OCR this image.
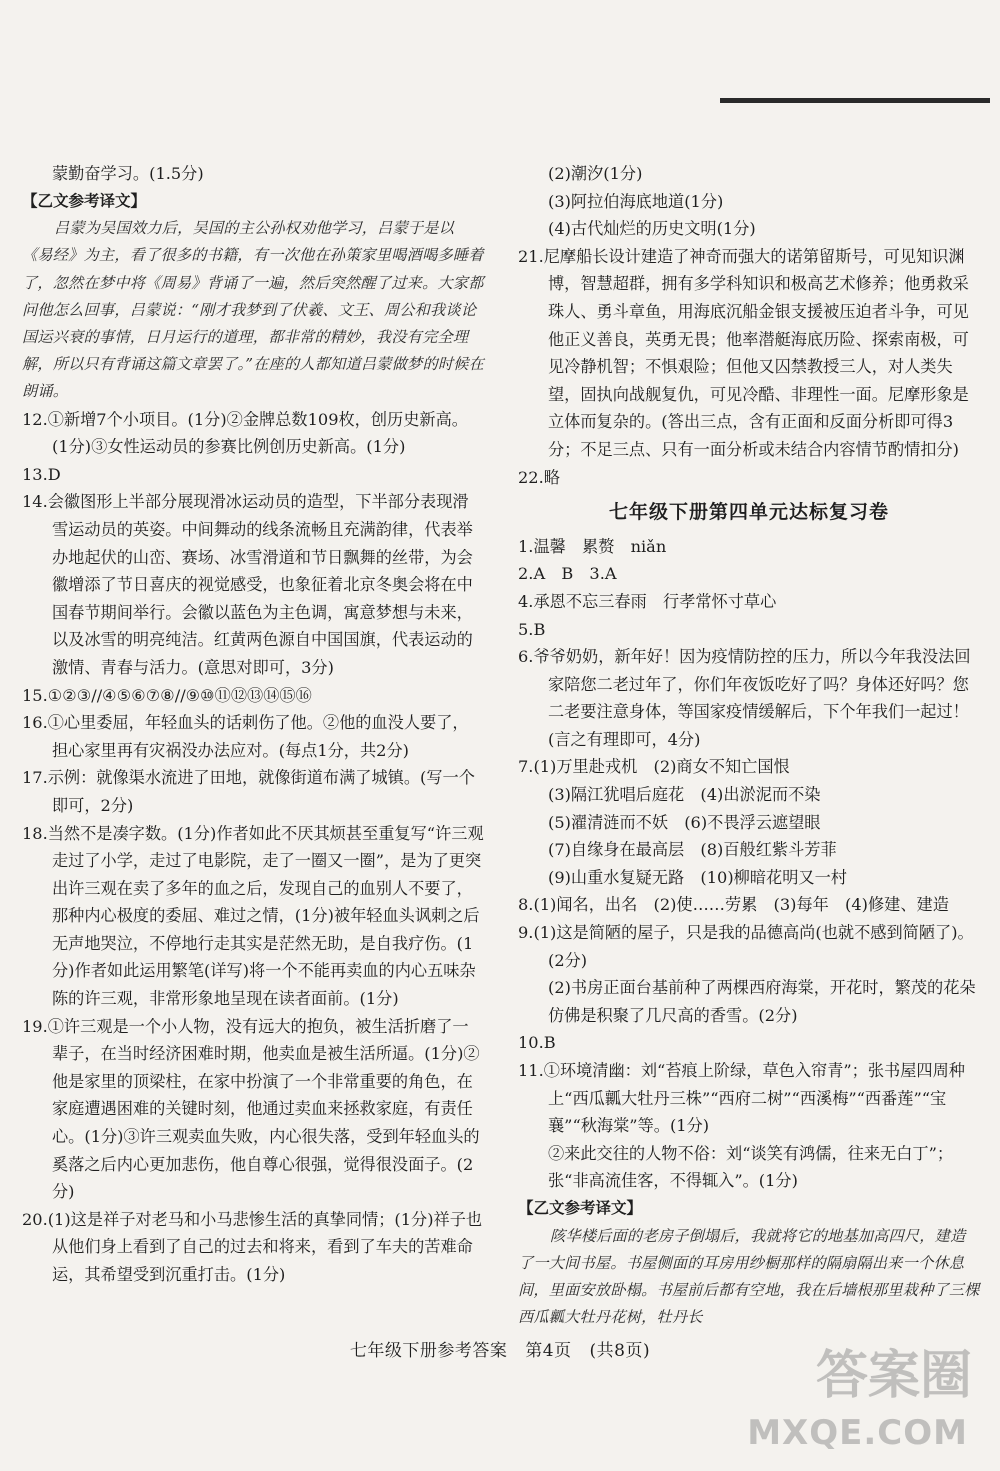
蒙勤奋学习。(1.5分)
【乙文参考译文】
吕蒙为吴国效力后，吴国的主公孙权劝他学习，吕蒙于是以《易经》为主，看了很多的书籍，有一次他在孙策家里喝酒喝多睡着了，忽然在梦中将《周易》背诵了一遍，然后突然醒了过来。大家都问他怎么回事，吕蒙说：“刚才我梦到了伏羲、文王、周公和我谈论国运兴衰的事情，日月运行的道理，都非常的精妙，我没有完全理解，所以只有背诵这篇文章罢了。”在座的人都知道吕蒙做梦的时候在朗诵。
12.①新增7个小项目。(1分)②金牌总数109枚，创历史新高。(1分)③女性运动员的参赛比例创历史新高。(1分)
13.D
14.会徽图形上半部分展现滑冰运动员的造型，下半部分表现滑雪运动员的英姿。中间舞动的线条流畅且充满韵律，代表举办地起伏的山峦、赛场、冰雪滑道和节日飘舞的丝带，为会徽增添了节日喜庆的视觉感受，也象征着北京冬奥会将在中国春节期间举行。会徽以蓝色为主色调，寓意梦想与未来，以及冰雪的明亮纯洁。红黄两色源自中国国旗，代表运动的激情、青春与活力。(意思对即可，3分)
15.①②③//④⑤⑥⑦⑧//⑨⑩⑪⑫⑬⑭⑮⑯
16.①心里委屈，年轻血头的话刺伤了他。②他的血没人要了，担心家里再有灾祸没办法应对。(每点1分，共2分)
17.示例：就像渠水流进了田地，就像街道布满了城镇。(写一个即可，2分)
18.当然不是凑字数。(1分)作者如此不厌其烦甚至重复写“许三观走过了小学，走过了电影院，走了一圈又一圈”，是为了更突出许三观在卖了多年的血之后，发现自己的血别人不要了，那种内心极度的委屈、难过之情，(1分)被年轻血头讽刺之后无声地哭泣，不停地行走其实是茫然无助，是自我疗伤。(1分)作者如此运用繁笔(详写)将一个不能再卖血的内心五味杂陈的许三观，非常形象地呈现在读者面前。(1分)
19.①许三观是一个小人物，没有远大的抱负，被生活折磨了一辈子，在当时经济困难时期，他卖血是被生活所逼。(1分)②他是家里的顶梁柱，在家中扮演了一个非常重要的角色，在家庭遭遇困难的关键时刻，他通过卖血来拯救家庭，有责任心。(1分)③许三观卖血失败，内心很失落，受到年轻血头的奚落之后内心更加悲伤，他自尊心很强，觉得很没面子。(2分)
20.(1)这是祥子对老马和小马悲惨生活的真挚同情；(1分)祥子也从他们身上看到了自己的过去和将来，看到了车夫的苦难命运，其希望受到沉重打击。(1分)
(2)潮汐(1分)
(3)阿拉伯海底地道(1分)
(4)古代灿烂的历史文明(1分)
21.尼摩船长设计建造了神奇而强大的诺第留斯号，可见知识渊博，智慧超群，拥有多学科知识和极高艺术修养；他勇救采珠人、勇斗章鱼，用海底沉船金银支援被压迫者斗争，可见他正义善良，英勇无畏；他率潜艇海底历险、探索南极，可见冷静机智；不惧艰险；但他又囚禁教授三人，对人类失望，固执向战舰复仇，可见冷酷、非理性一面。尼摩形象是立体而复杂的。(答出三点，含有正面和反面分析即可得3分；不足三点、只有一面分析或未结合内容情节酌情扣分)
22.略
七年级下册第四单元达标复习卷
1.温馨　累赘　niǎn
2.A　B　3.A
4.承恩不忘三春雨　行孝常怀寸草心
5.B
6.爷爷奶奶，新年好！因为疫情防控的压力，所以今年我没法回家陪您二老过年了，你们年夜饭吃好了吗？身体还好吗？您二老要注意身体，等国家疫情缓解后，下个年我们一起过！(言之有理即可，4分)
7.(1)万里赴戎机　(2)商女不知亡国恨
(3)隔江犹唱后庭花　(4)出淤泥而不染
(5)濯清涟而不妖　(6)不畏浮云遮望眼
(7)自缘身在最高层　(8)百般红紫斗芳菲
(9)山重水复疑无路　(10)柳暗花明又一村
8.(1)闻名，出名　(2)使……劳累　(3)每年　(4)修建、建造
9.(1)这是简陋的屋子，只是我的品德高尚(也就不感到简陋了)。(2分)
(2)书房正面台基前种了两棵西府海棠，开花时，繁茂的花朵仿佛是积聚了几尺高的香雪。(2分)
10.B
11.①环境清幽：刘“苔痕上阶绿，草色入帘青”；张书屋四周种上“西瓜瓤大牡丹三株”“西府二树”“西溪梅”“西番莲”“宝襄”“秋海棠”等。(1分)
②来此交往的人物不俗：刘“谈笑有鸿儒，往来无白丁”；张“非高流佳客，不得辄入”。(1分)
【乙文参考译文】
陔华楼后面的老房子倒塌后，我就将它的地基加高四尺，建造了一大间书屋。书屋侧面的耳房用纱橱那样的隔扇隔出来一个休息间，里面安放卧榻。书屋前后都有空地，我在后墙根那里栽种了三棵西瓜瓤大牡丹花树，牡丹长
七年级下册参考答案 第4页 (共8页)	答案圈
MXQE.COM
